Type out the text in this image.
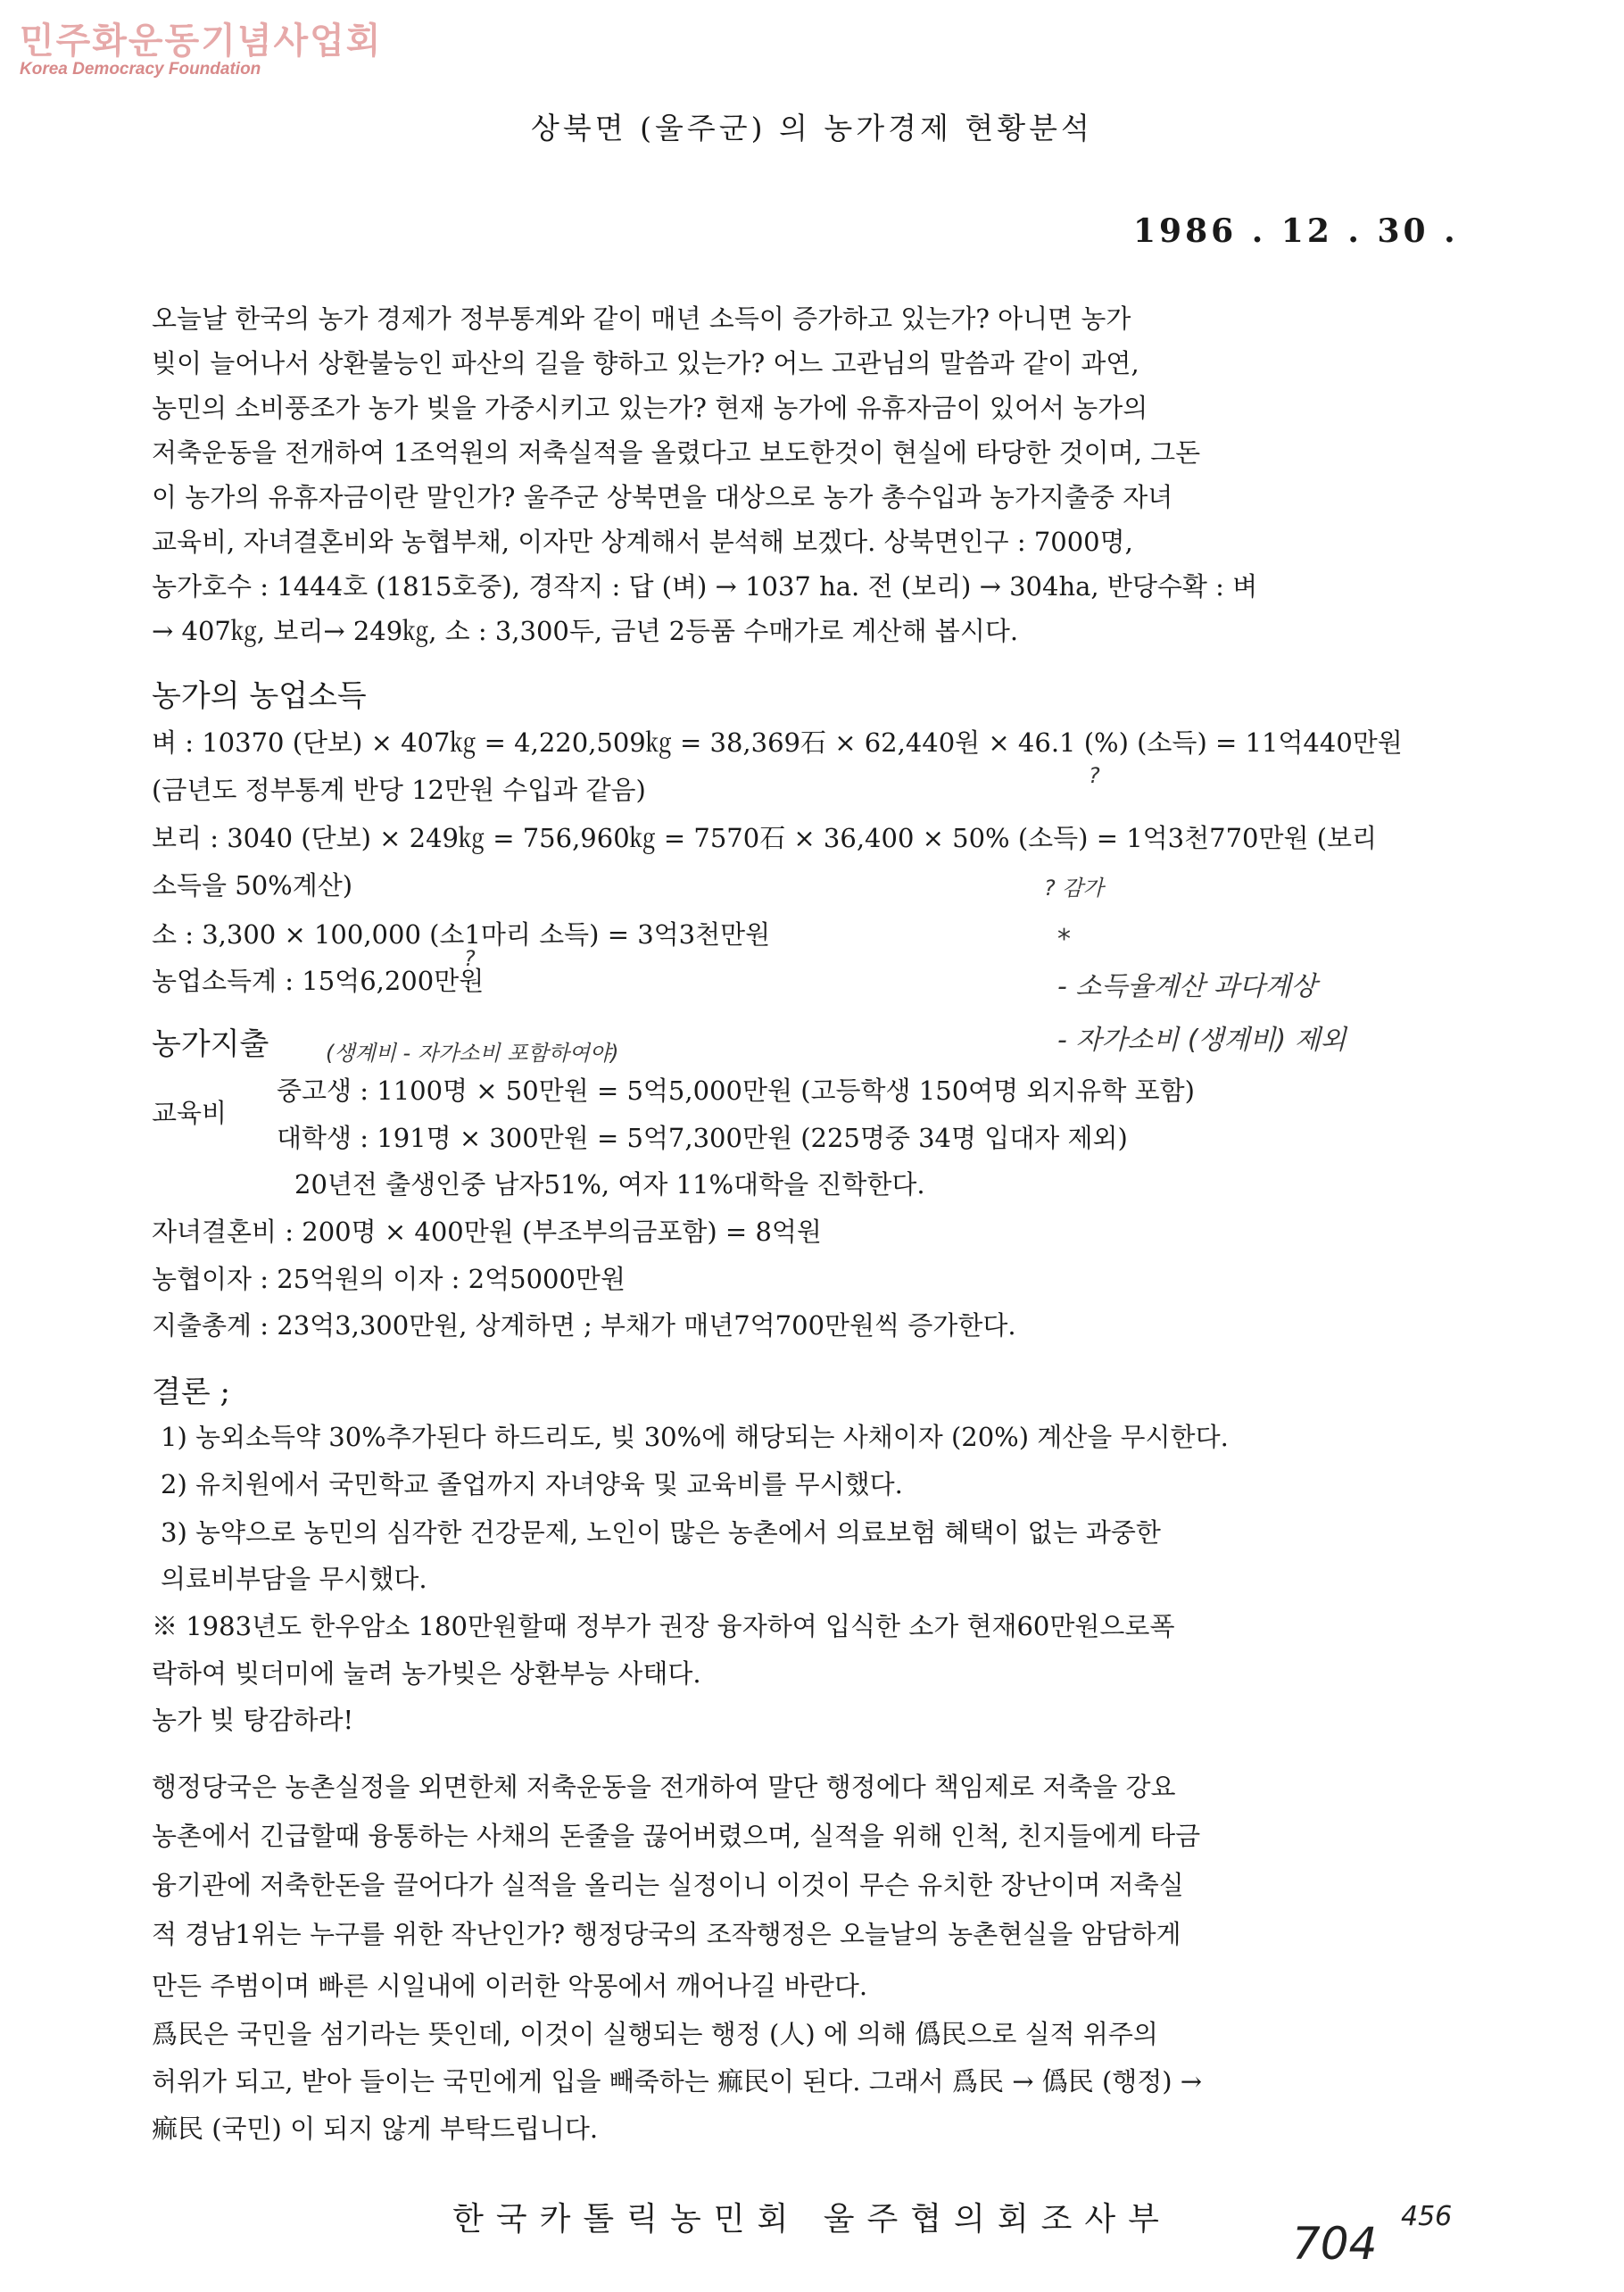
민주화운동기념사업회
Korea Democracy Foundation
상북면 (울주군) 의 농가경제 현황분석
1986 . 12 . 30 .
오늘날 한국의 농가 경제가 정부통계와 같이 매년 소득이 증가하고 있는가? 아니면 농가
빚이 늘어나서 상환불능인 파산의 길을 향하고 있는가? 어느 고관님의 말씀과 같이 과연,
농민의 소비풍조가 농가 빚을 가중시키고 있는가? 현재 농가에 유휴자금이 있어서 농가의
저축운동을 전개하여 1조억원의 저축실적을 올렸다고 보도한것이 현실에 타당한 것이며, 그돈
이 농가의 유휴자금이란 말인가? 울주군 상북면을 대상으로 농가 총수입과 농가지출중 자녀
교육비, 자녀결혼비와 농협부채, 이자만 상계해서 분석해 보겠다. 상북면인구 : 7000명,
농가호수 : 1444호 (1815호중), 경작지 : 답 (벼) → 1037 ha. 전 (보리) → 304ha, 반당수확 : 벼
→ 407㎏, 보리→ 249㎏, 소 : 3,300두, 금년 2등품 수매가로 계산해 봅시다.
농가의 농업소득
벼 : 10370 (단보) × 407㎏ = 4,220,509㎏ = 38,369石 × 62,440원 × 46.1 (%) (소득) = 11억440만원
?
(금년도 정부통계 반당 12만원 수입과 같음)
보리 : 3040 (단보) × 249㎏ = 756,960㎏ = 7570石 × 36,400 × 50% (소득) = 1억3천770만원 (보리
소득을 50%계산)	? 감가
소 : 3,300 × 100,000 (소1마리 소득) = 3억3천만원
?
농업소득계 : 15억6,200만원
*
- 소득율계산 과다계상
- 자가소비 (생계비) 제외
농가지출	(생계비 - 자가소비 포함하여야)
교육비
중고생 : 1100명 × 50만원 = 5억5,000만원 (고등학생 150여명 외지유학 포함)
대학생 : 191명 × 300만원 = 5억7,300만원 (225명중 34명 입대자 제외)
20년전 출생인중 남자51%, 여자 11%대학을 진학한다.
자녀결혼비 : 200명 × 400만원 (부조부의금포함) = 8억원
농협이자 : 25억원의 이자 : 2억5000만원
지출총계 : 23억3,300만원, 상계하면 ; 부채가 매년7억700만원씩 증가한다.
결론 ;
1) 농외소득약 30%추가된다 하드리도, 빚 30%에 해당되는 사채이자 (20%) 계산을 무시한다.
2) 유치원에서 국민학교 졸업까지 자녀양육 및 교육비를 무시했다.
3) 농약으로 농민의 심각한 건강문제, 노인이 많은 농촌에서 의료보험 혜택이 없는 과중한
의료비부담을 무시했다.
※ 1983년도 한우암소 180만원할때 정부가 권장 융자하여 입식한 소가 현재60만원으로폭
락하여 빚더미에 눌려 농가빚은 상환부능 사태다.
농가 빚 탕감하라!
행정당국은 농촌실정을 외면한체 저축운동을 전개하여 말단 행정에다 책임제로 저축을 강요
농촌에서 긴급할때 융통하는 사채의 돈줄을 끊어버렸으며, 실적을 위해 인척, 친지들에게 타금
융기관에 저축한돈을 끌어다가 실적을 올리는 실정이니 이것이 무슨 유치한 장난이며 저축실
적 경남1위는 누구를 위한 작난인가? 행정당국의 조작행정은 오늘날의 농촌현실을 암담하게
만든 주범이며 빠른 시일내에 이러한 악몽에서 깨어나길 바란다.
爲民은 국민을 섬기라는 뜻인데, 이것이 실행되는 행정 (人) 에 의해 僞民으로 실적 위주의
허위가 되고, 받아 들이는 국민에게 입을 빼죽하는 痲民이 된다. 그래서 爲民 → 僞民 (행정) →
痲民 (국민) 이 되지 않게 부탁드립니다.
한국카톨릭농민회 울주협의회조사부	704
456
